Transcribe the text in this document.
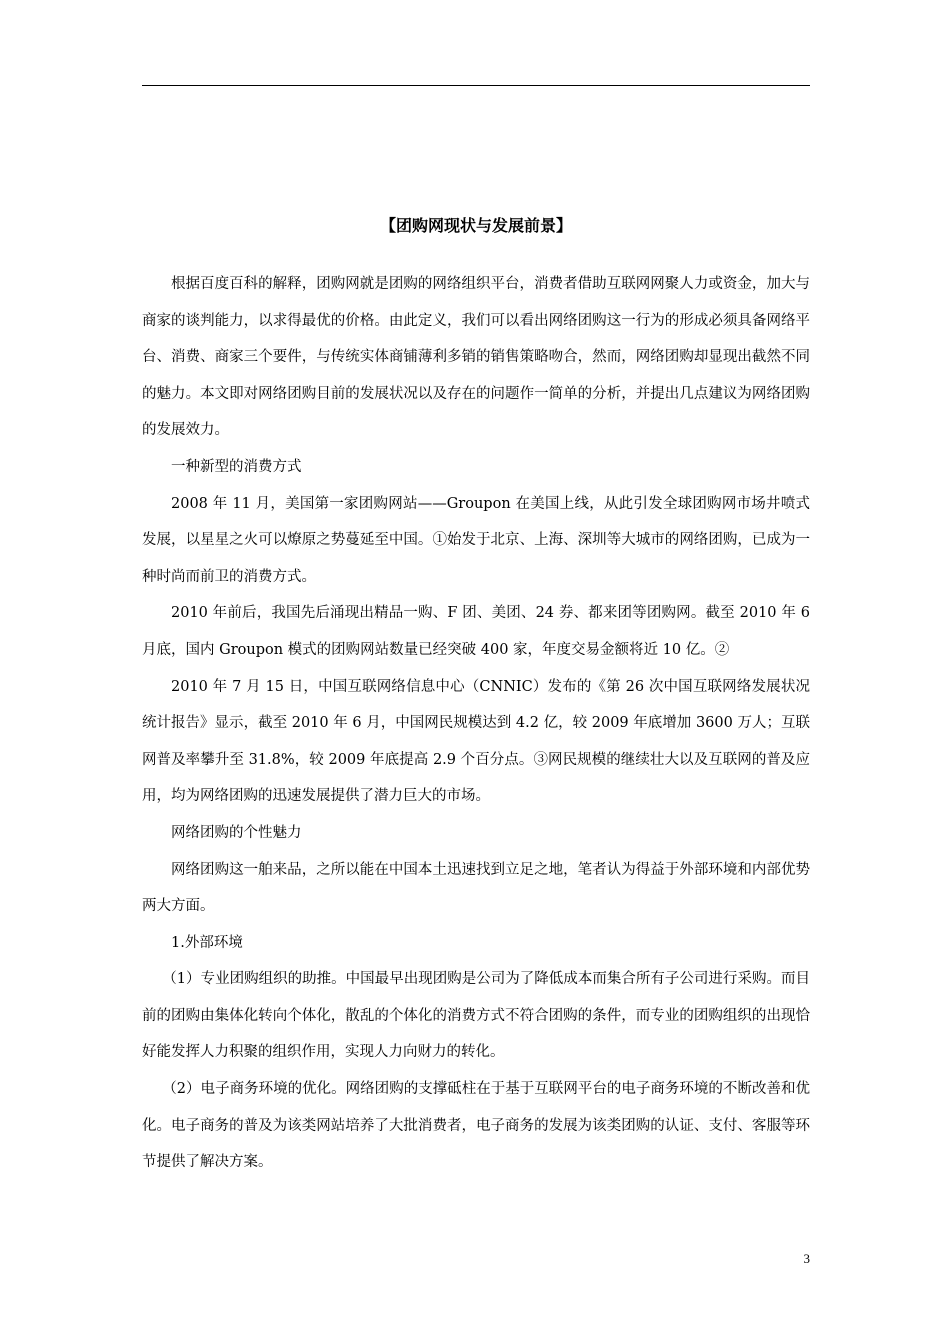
【团购网现状与发展前景】

根据百度百科的解释，团购网就是团购的网络组织平台，消费者借助互联网网聚人力或资金，加大与商家的谈判能力，以求得最优的价格。由此定义，我们可以看出网络团购这一行为的形成必须具备网络平台、消费、商家三个要件，与传统实体商铺薄利多销的销售策略吻合，然而，网络团购却显现出截然不同的魅力。本文即对网络团购目前的发展状况以及存在的问题作一简单的分析，并提出几点建议为网络团购的发展效力。

一种新型的消费方式

2008 年 11 月，美国第一家团购网站——Groupon 在美国上线，从此引发全球团购网市场井喷式发展，以星星之火可以燎原之势蔓延至中国。①始发于北京、上海、深圳等大城市的网络团购，已成为一种时尚而前卫的消费方式。

2010 年前后，我国先后涌现出精品一购、F 团、美团、24 券、都来团等团购网。截至 2010 年 6 月底，国内 Groupon 模式的团购网站数量已经突破 400 家，年度交易金额将近 10 亿。②

2010 年 7 月 15 日，中国互联网络信息中心（CNNIC）发布的《第 26 次中国互联网络发展状况统计报告》显示，截至 2010 年 6 月，中国网民规模达到 4.2 亿，较 2009 年底增加 3600 万人；互联网普及率攀升至 31.8%，较 2009 年底提高 2.9 个百分点。③网民规模的继续壮大以及互联网的普及应用，均为网络团购的迅速发展提供了潜力巨大的市场。

网络团购的个性魅力

网络团购这一舶来品，之所以能在中国本土迅速找到立足之地，笔者认为得益于外部环境和内部优势两大方面。

1.外部环境

（1）专业团购组织的助推。中国最早出现团购是公司为了降低成本而集合所有子公司进行采购。而目前的团购由集体化转向个体化，散乱的个体化的消费方式不符合团购的条件，而专业的团购组织的出现恰好能发挥人力积聚的组织作用，实现人力向财力的转化。

（2）电子商务环境的优化。网络团购的支撑砥柱在于基于互联网平台的电子商务环境的不断改善和优化。电子商务的普及为该类网站培养了大批消费者，电子商务的发展为该类团购的认证、支付、客服等环节提供了解决方案。

3
